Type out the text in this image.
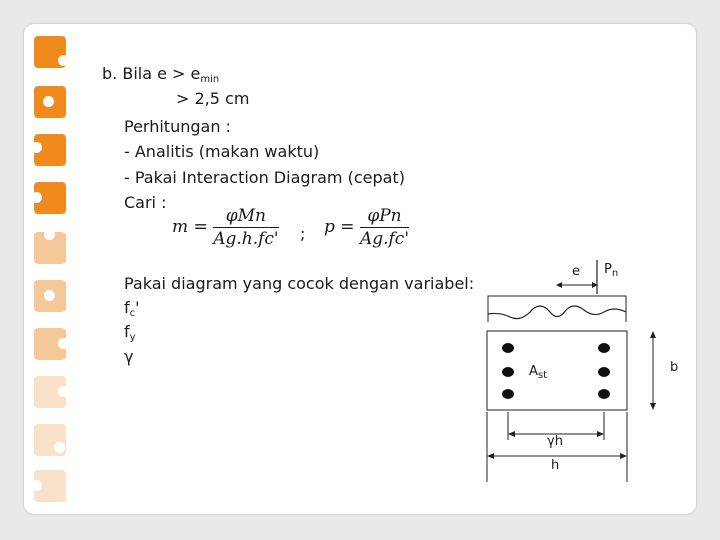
b. Bila $e > e_{min}$
> 2,5 cm
Perhitungan :
- Analitis (makan waktu)
- Pakai Interaction Diagram (cepat)
Cari :
$m = \frac{\text{φMn}}{Ag.h.fc'}$ ; $p = \frac{\text{φPn}}{Ag.fc'}$
Pakai diagram yang cocok dengan variabel:
$f_c'$
$f_y$
γ
e $P_n$
$A_{st}$
b
γh
h
